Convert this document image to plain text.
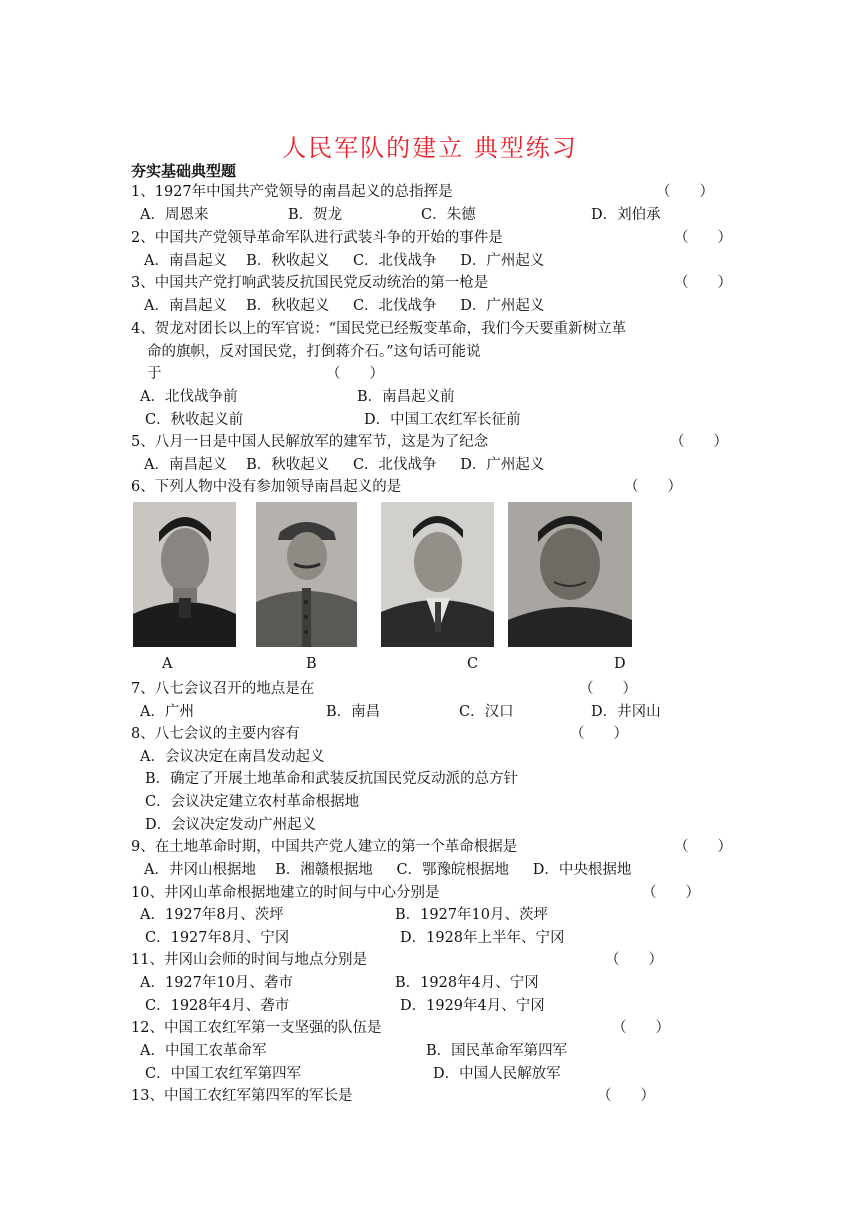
人民军队的建立 典型练习
夯实基础典型题
1、1927年中国共产党领导的南昌起义的总指挥是	（　　）
A．周恩来	B．贺龙	C．朱德	D．刘伯承
2、中国共产党领导革命军队进行武装斗争的开始的事件是	（　　）
A．南昌起义　 B．秋收起义 　 C．北伐战争 　 D．广州起义
3、中国共产党打响武装反抗国民党反动统治的第一枪是	（　　）
A．南昌起义　 B．秋收起义 　 C．北伐战争 　 D．广州起义
4、贺龙对团长以上的军官说：“国民党已经叛变革命，我们今天要重新树立革
命的旗帜，反对国民党，打倒蒋介石。”这句话可能说
于	（　　）
A．北伐战争前	B．南昌起义前
C．秋收起义前	D．中国工农红军长征前
5、八月一日是中国人民解放军的建军节，这是为了纪念	（　　）
A．南昌起义　 B．秋收起义 　 C．北伐战争 　 D．广州起义
6、下列人物中没有参加领导南昌起义的是	（　　）
A	B	C	D
7、八七会议召开的地点是在	（　　）
A．广州	B．南昌	C．汉口	D．井冈山
8、八七会议的主要内容有	（　　）
A．会议决定在南昌发动起义
B．确定了开展土地革命和武装反抗国民党反动派的总方针
C．会议决定建立农村革命根据地
D．会议决定发动广州起义
9、在土地革命时期，中国共产党人建立的第一个革命根据是	（　　）
A．井冈山根据地　 B．湘赣根据地 　 C．鄂豫皖根据地 　 D．中央根据地
10、井冈山革命根据地建立的时间与中心分别是	（　　）
A．1927年8月、茨坪	B．1927年10月、茨坪
C．1927年8月、宁冈	D．1928年上半年、宁冈
11、井冈山会师的时间与地点分别是	（　　）
A．1927年10月、砻市	B．1928年4月、宁冈
C．1928年4月、砻市	D．1929年4月、宁冈
12、中国工农红军第一支坚强的队伍是	（　　）
A．中国工农革命军	B．国民革命军第四军
C．中国工农红军第四军	D．中国人民解放军
13、中国工农红军第四军的军长是	（　　）
